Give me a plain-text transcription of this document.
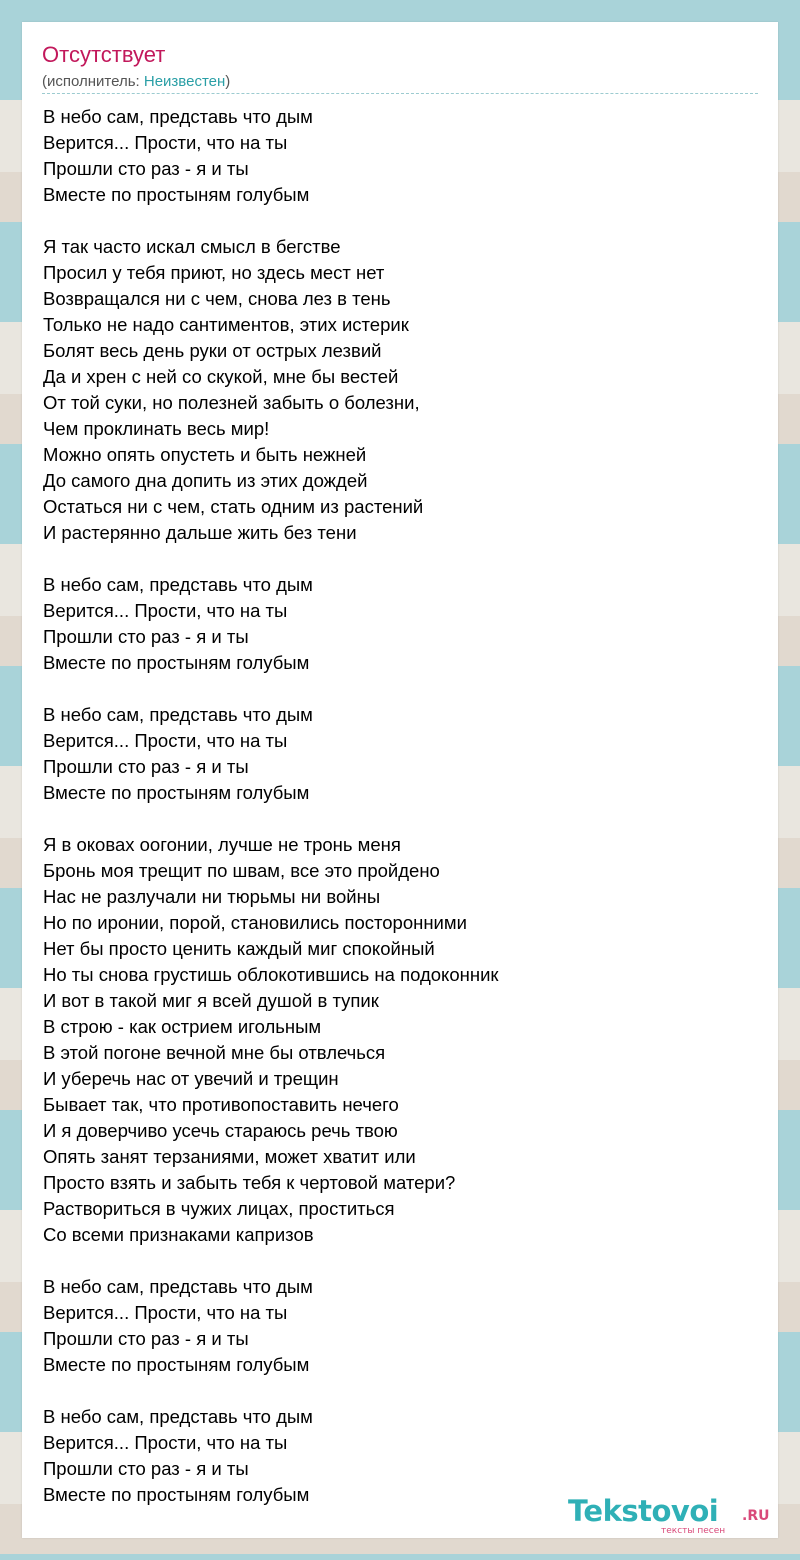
Отсутствует
(исполнитель: Неизвестен)
В небо сам, представь что дым
Верится... Прости, что на ты
Прошли сто раз - я и ты
Вместе по простыням голубым
Я так часто искал смысл в бегстве
Просил у тебя приют, но здесь мест нет
Возвращался ни с чем, снова лез в тень
Только не надо сантиментов, этих истерик
Болят весь день руки от острых лезвий
Да и хрен с ней со скукой, мне бы вестей
От той суки, но полезней забыть о болезни,
Чем проклинать весь мир!
Можно опять опустеть и быть нежней
До самого дна допить из этих дождей
Остаться ни с чем, стать одним из растений
И растерянно дальше жить без тени
В небо сам, представь что дым
Верится... Прости, что на ты
Прошли сто раз - я и ты
Вместе по простыням голубым
В небо сам, представь что дым
Верится... Прости, что на ты
Прошли сто раз - я и ты
Вместе по простыням голубым
Я в оковах оогонии, лучше не тронь меня
Бронь моя трещит по швам, все это пройдено
Нас не разлучали ни тюрьмы ни войны
Но по иронии, порой, становились посторонними
Нет бы просто ценить каждый миг спокойный
Но ты снова грустишь облокотившись на подоконник
И вот в такой миг я всей душой в тупик
В строю - как острием игольным
В этой погоне вечной мне бы отвлечься
И уберечь нас от увечий и трещин
Бывает так, что противопоставить нечего
И я доверчиво усечь стараюсь речь твою
Опять занят терзаниями, может хватит или
Просто взять и забыть тебя к чертовой матери?
Раствориться в чужих лицах, проститься
Со всеми признаками капризов
В небо сам, представь что дым
Верится... Прости, что на ты
Прошли сто раз - я и ты
Вместе по простыням голубым
В небо сам, представь что дым
Верится... Прости, что на ты
Прошли сто раз - я и ты
Вместе по простыням голубым	Tekstovoi .RU
тексты песен
